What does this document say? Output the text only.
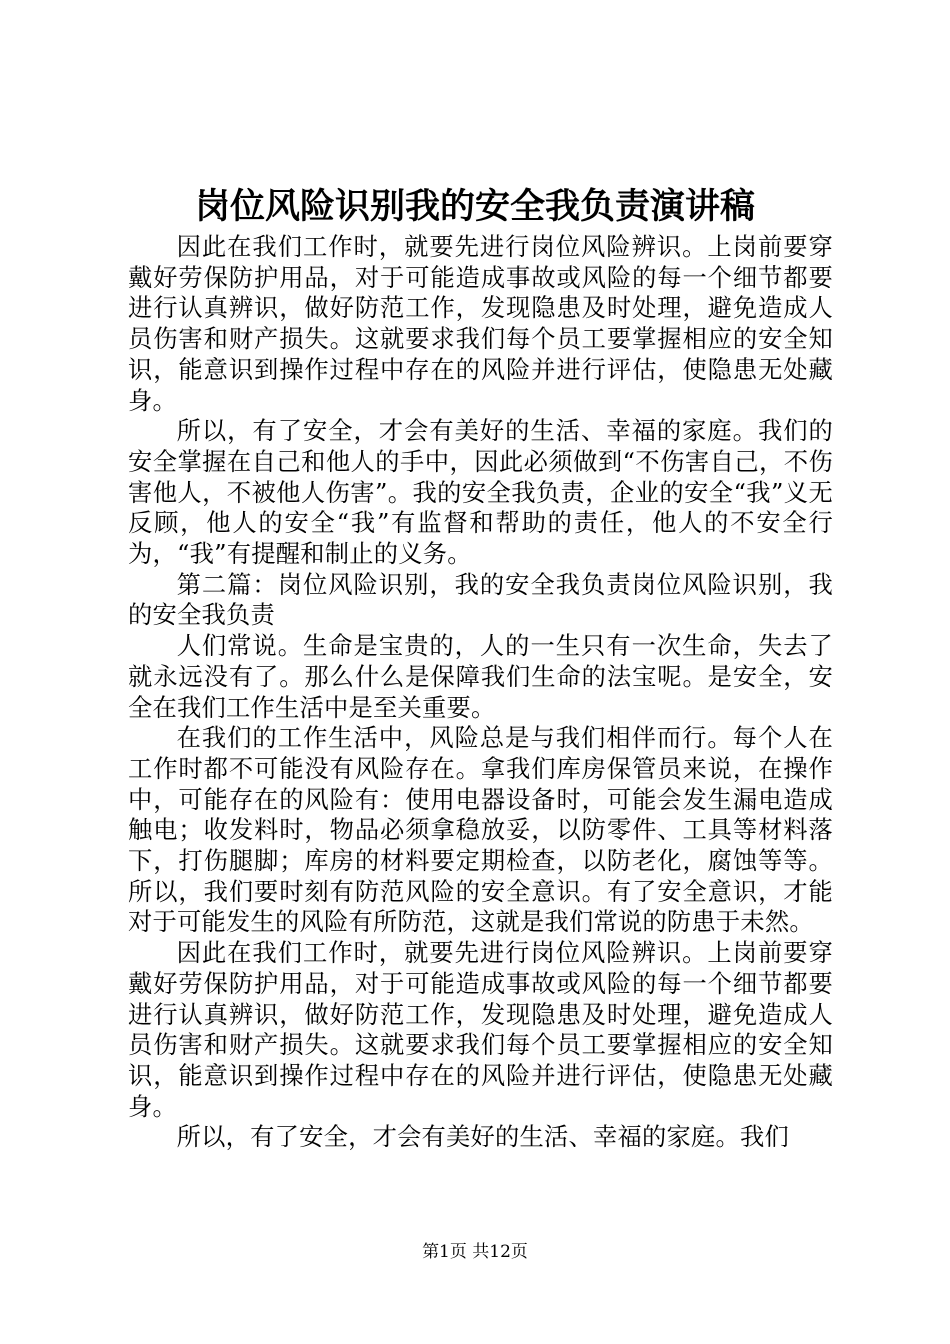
岗位风险识别我的安全我负责演讲稿

因此在我们工作时，就要先进行岗位风险辨识。上岗前要穿戴好劳保防护用品，对于可能造成事故或风险的每一个细节都要进行认真辨识，做好防范工作，发现隐患及时处理，避免造成人员伤害和财产损失。这就要求我们每个员工要掌握相应的安全知识，能意识到操作过程中存在的风险并进行评估，使隐患无处藏身。

所以，有了安全，才会有美好的生活、幸福的家庭。我们的安全掌握在自己和他人的手中，因此必须做到“不伤害自己，不伤害他人，不被他人伤害”。我的安全我负责，企业的安全“我”义无反顾，他人的安全“我”有监督和帮助的责任，他人的不安全行为，“我”有提醒和制止的义务。

第二篇：岗位风险识别，我的安全我负责岗位风险识别，我的安全我负责

人们常说。生命是宝贵的，人的一生只有一次生命，失去了就永远没有了。那么什么是保障我们生命的法宝呢。是安全，安全在我们工作生活中是至关重要。

在我们的工作生活中，风险总是与我们相伴而行。每个人在工作时都不可能没有风险存在。拿我们库房保管员来说，在操作中，可能存在的风险有：使用电器设备时，可能会发生漏电造成触电；收发料时，物品必须拿稳放妥，以防零件、工具等材料落下，打伤腿脚；库房的材料要定期检查，以防老化，腐蚀等等。所以，我们要时刻有防范风险的安全意识。有了安全意识，才能对于可能发生的风险有所防范，这就是我们常说的防患于未然。

因此在我们工作时，就要先进行岗位风险辨识。上岗前要穿戴好劳保防护用品，对于可能造成事故或风险的每一个细节都要进行认真辨识，做好防范工作，发现隐患及时处理，避免造成人员伤害和财产损失。这就要求我们每个员工要掌握相应的安全知识，能意识到操作过程中存在的风险并进行评估，使隐患无处藏身。

所以，有了安全，才会有美好的生活、幸福的家庭。我们

第1页 共12页
